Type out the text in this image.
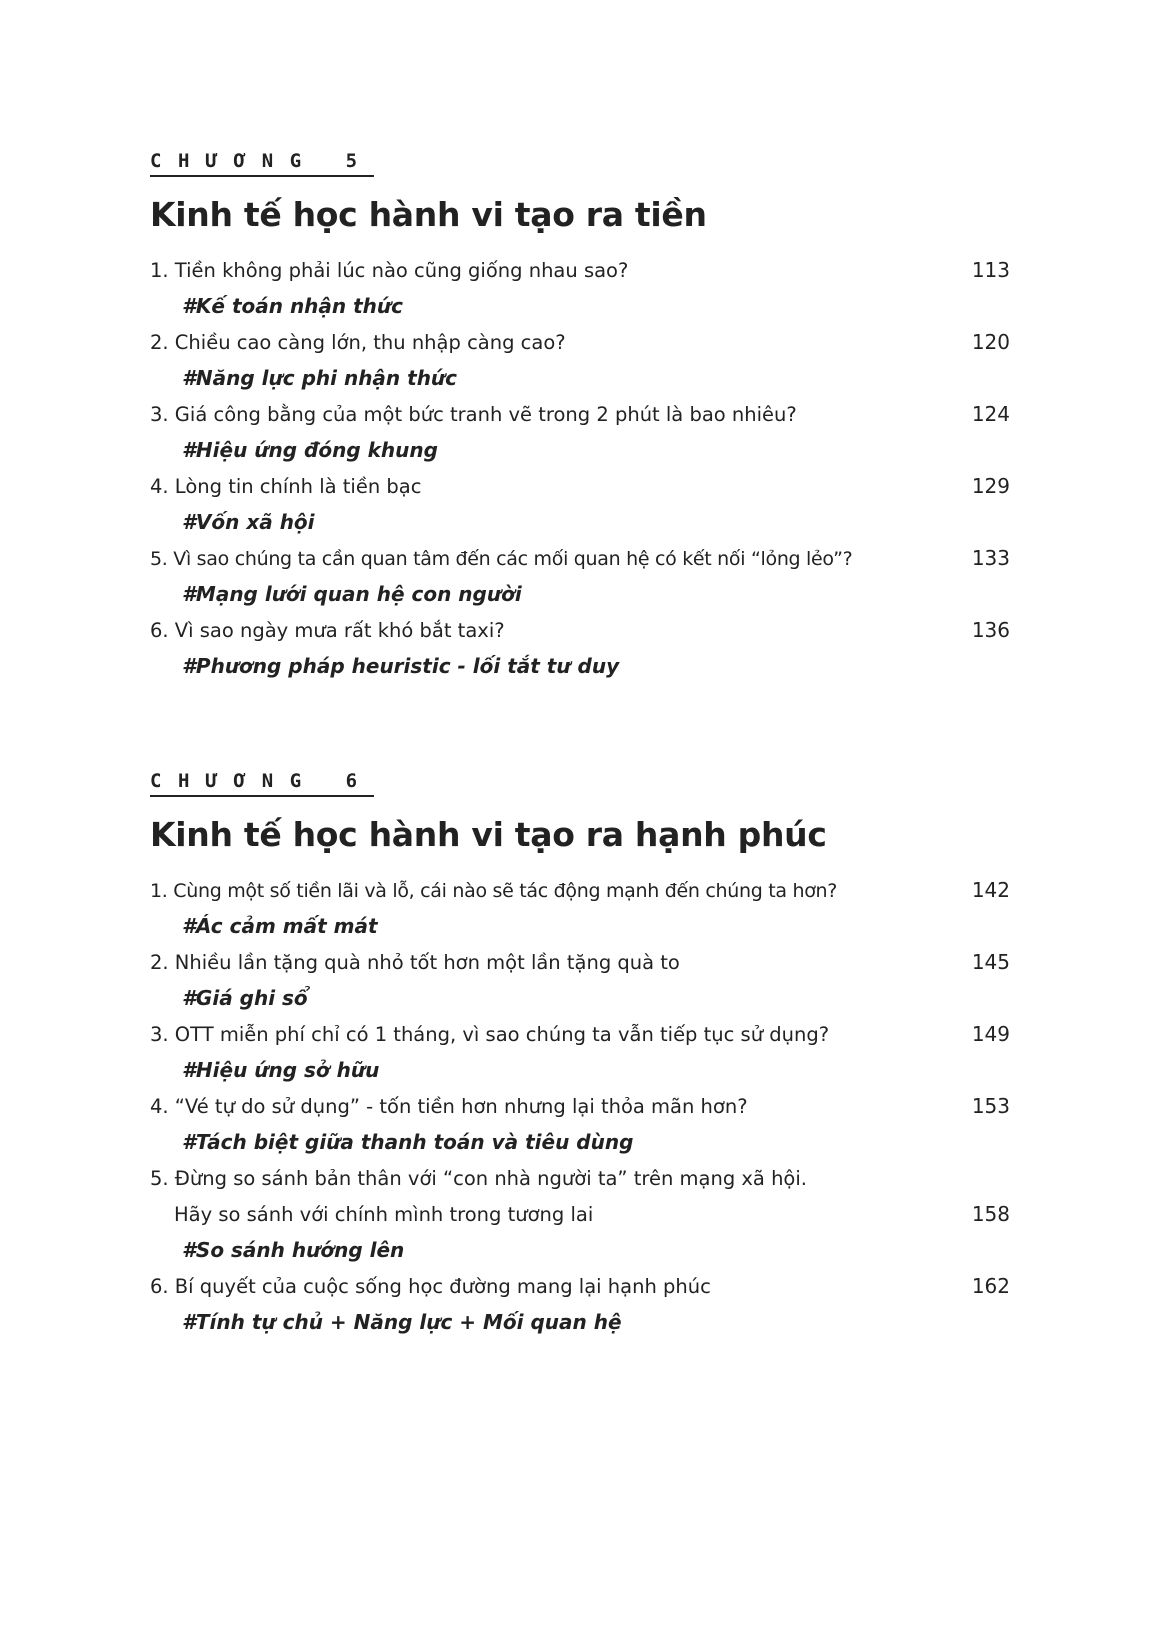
CHƯƠNG 5
Kinh tế học hành vi tạo ra tiền
1. Tiền không phải lúc nào cũng giống nhau sao?	113
#Kế toán nhận thức
2. Chiều cao càng lớn, thu nhập càng cao?	120
#Năng lực phi nhận thức
3. Giá công bằng của một bức tranh vẽ trong 2 phút là bao nhiêu?	124
#Hiệu ứng đóng khung
4. Lòng tin chính là tiền bạc	129
#Vốn xã hội
5. Vì sao chúng ta cần quan tâm đến các mối quan hệ có kết nối “lỏng lẻo”?	133
#Mạng lưới quan hệ con người
6. Vì sao ngày mưa rất khó bắt taxi?	136
#Phương pháp heuristic - lối tắt tư duy
CHƯƠNG 6
Kinh tế học hành vi tạo ra hạnh phúc
1. Cùng một số tiền lãi và lỗ, cái nào sẽ tác động mạnh đến chúng ta hơn?	142
#Ác cảm mất mát
2. Nhiều lần tặng quà nhỏ tốt hơn một lần tặng quà to	145
#Giá ghi sổ
3. OTT miễn phí chỉ có 1 tháng, vì sao chúng ta vẫn tiếp tục sử dụng?	149
#Hiệu ứng sở hữu
4. “Vé tự do sử dụng” - tốn tiền hơn nhưng lại thỏa mãn hơn?	153
#Tách biệt giữa thanh toán và tiêu dùng
5. Đừng so sánh bản thân với “con nhà người ta” trên mạng xã hội.
Hãy so sánh với chính mình trong tương lai	158
#So sánh hướng lên
6. Bí quyết của cuộc sống học đường mang lại hạnh phúc	162
#Tính tự chủ + Năng lực + Mối quan hệ
